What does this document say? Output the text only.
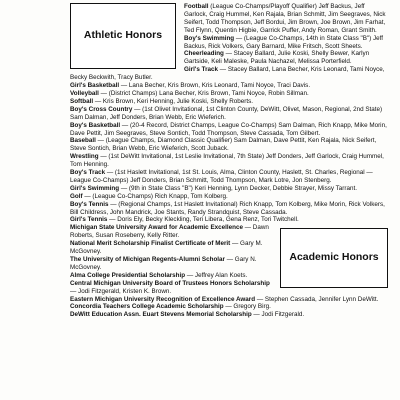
Athletic Honors

Football (League Co-Champs/Playoff Qualifier) Jeff Backus, Jeff Garlock, Craig Hummel, Ken Rajala, Brian Schmitt, Jim Seegraves, Nick Seifert, Todd Thompson, Jeff Bordui, Jim Brown, Joe Brown, Jim Farhat, Ted Flynn, Quentin Higbie, Garrick Puffer, Andy Roman, Grant Smith.

Boy's Swimming — (League Co-Champs, 14th in State Class "B") Jeff Backus, Rick Volkers, Gary Barnard, Mike Fritsch, Scott Sheets.

Cheerleading — Stacey Ballard, Julie Koski, Shelly Bewer, Karlyn Gartside, Keli Maleske, Paula Nachazel, Melissa Porterfield.

Girl's Track — Stacey Ballard, Lana Becher, Kris Leonard, Tami Noyce, Becky Beckwith, Tracy Butler.

Girl's Basketball — Lana Becher, Kris Brown, Kris Leonard, Tami Noyce, Traci Davis.

Volleyball — (District Champs) Lana Becher, Kris Brown, Tami Noyce, Robin Sillman.

Softball — Kris Brown, Keri Henning, Julie Koski, Shelly Roberts.

Boy's Cross Country — (1st Olivet Invitational, 1st Clinton County, DeWitt, Olivet, Mason, Regional, 2nd State) Sam Dalman, Jeff Donders, Brian Webb, Eric Wieferich.

Boy's Basketball — (20-4 Record, District Champs, League Co-Champs) Sam Dalman, Rich Knapp, Mike Morin, Dave Pettit, Jim Seegraves, Steve Sontich, Todd Thompson, Steve Cassada, Tom Gilbert.

Baseball — (League Champs, Diamond Classic Qualifier) Sam Dalman, Dave Pettit, Ken Rajala, Nick Seifert, Steve Sontich, Brian Webb, Eric Wieferich, Scott Juback.

Wrestling — (1st DeWitt Invitational, 1st Leslie Invitational, 7th State) Jeff Donders, Jeff Garlock, Craig Hummel, Tom Henning.

Boy's Track — (1st Haslett Invitational, 1st St. Louis, Alma, Clinton County, Haslett, St. Charles, Regional — League Co-Champs) Jeff Donders, Brian Schmitt, Todd Thompson, Mark Lotre, Jon Stenberg.

Girl's Swimming — (9th in State Class "B") Keri Henning, Lynn Decker, Debbie Strayer, Missy Tarrant.

Golf — (League Co-Champs) Rich Knapp, Tom Kolberg.

Boy's Tennis — (Regional Champs, 1st Haslett Invitational) Rich Knapp, Tom Kolberg, Mike Morin, Rick Volkers, Bill Childress, John Mandrick, Joe Stants, Randy Strandquist, Steve Cassada.

Girl's Tennis — Doris Ely, Becky Kleckling, Teri Libera, Gena Renz, Tori Twitchell.

Academic Honors

Michigan State University Award for Academic Excellence — Dawn Roberts, Susan Roseberry, Kelly Ritter.

National Merit Scholarship Finalist Certificate of Merit — Gary M. McGovney.

The University of Michigan Regents-Alumni Scholar — Gary N. McGovney.

Alma College Presidential Scholarship — Jeffrey Alan Koets.

Central Michigan University Board of Trustees Honors Scholarship — Jodi Fitzgerald, Kristen K. Brown.

Eastern Michigan University Recognition of Excellence Award — Stephen Cassada, Jennifer Lynn DeWitt.

Concordia Teachers College Academic Scholarship — Gregory Birg.

DeWitt Education Assn. Euart Stevens Memorial Scholarship — Jodi Fitzgerald.
